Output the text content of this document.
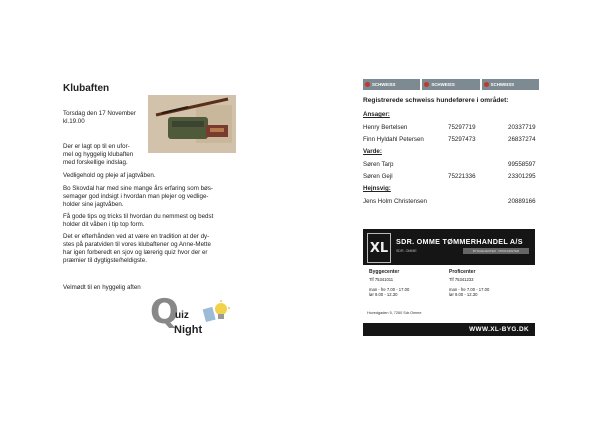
Klubaften
Torsdag den 17 November
kl.19.00
Der er lagt op til en ufor-
mel og hyggelig klubaften
med forskellige indslag.
Vedligehold og pleje af jagtvåben.
Bo Skovdal har med sine mange års erfaring som bøs-
semager god indsigt i hvordan man plejer og vedlige-
holder sine jagtvåben.
Få gode tips og tricks til hvordan du nemmest og bedst
holder dit våben i tip top form.
Det er efterhånden ved at være en tradition at der dy-
stes på paratviden til vores klubaftener og Anne-Mette
har igen forberedt en sjov og lærerig quiz hvor der er
præmier til dygtigste/heldigste.
Velmødt til en hyggelig aften
Q
uiz
Night
SCHWEISS	SCHWEISS	SCHWEISS
Registrerede schweiss hundeførere i området:
Ansager:
Henry Bertelsen	75297719	20337719
Finn Hyldahl Petersen	75297473	26837274
Varde:
Søren Tarp	99558597
Søren Gejl	75221336	23301295
Hejnsvig:
Jens Holm Christensen	20889166
XL	SDR. OMME TØMMERHANDEL A/S
SDR. OMME	BYGGECENTER · PROFCENTER
Byggecenter
Tlf 75341011
man - fre 7.00 - 17.00
lør 9.00 - 12.30
Proficenter
Tlf 75341233
man - fre 7.00 - 17.00
lør 9.00 - 12.30
Hovedgaden 5, 7260 Sdr.Omme
WWW.XL-BYG.DK
